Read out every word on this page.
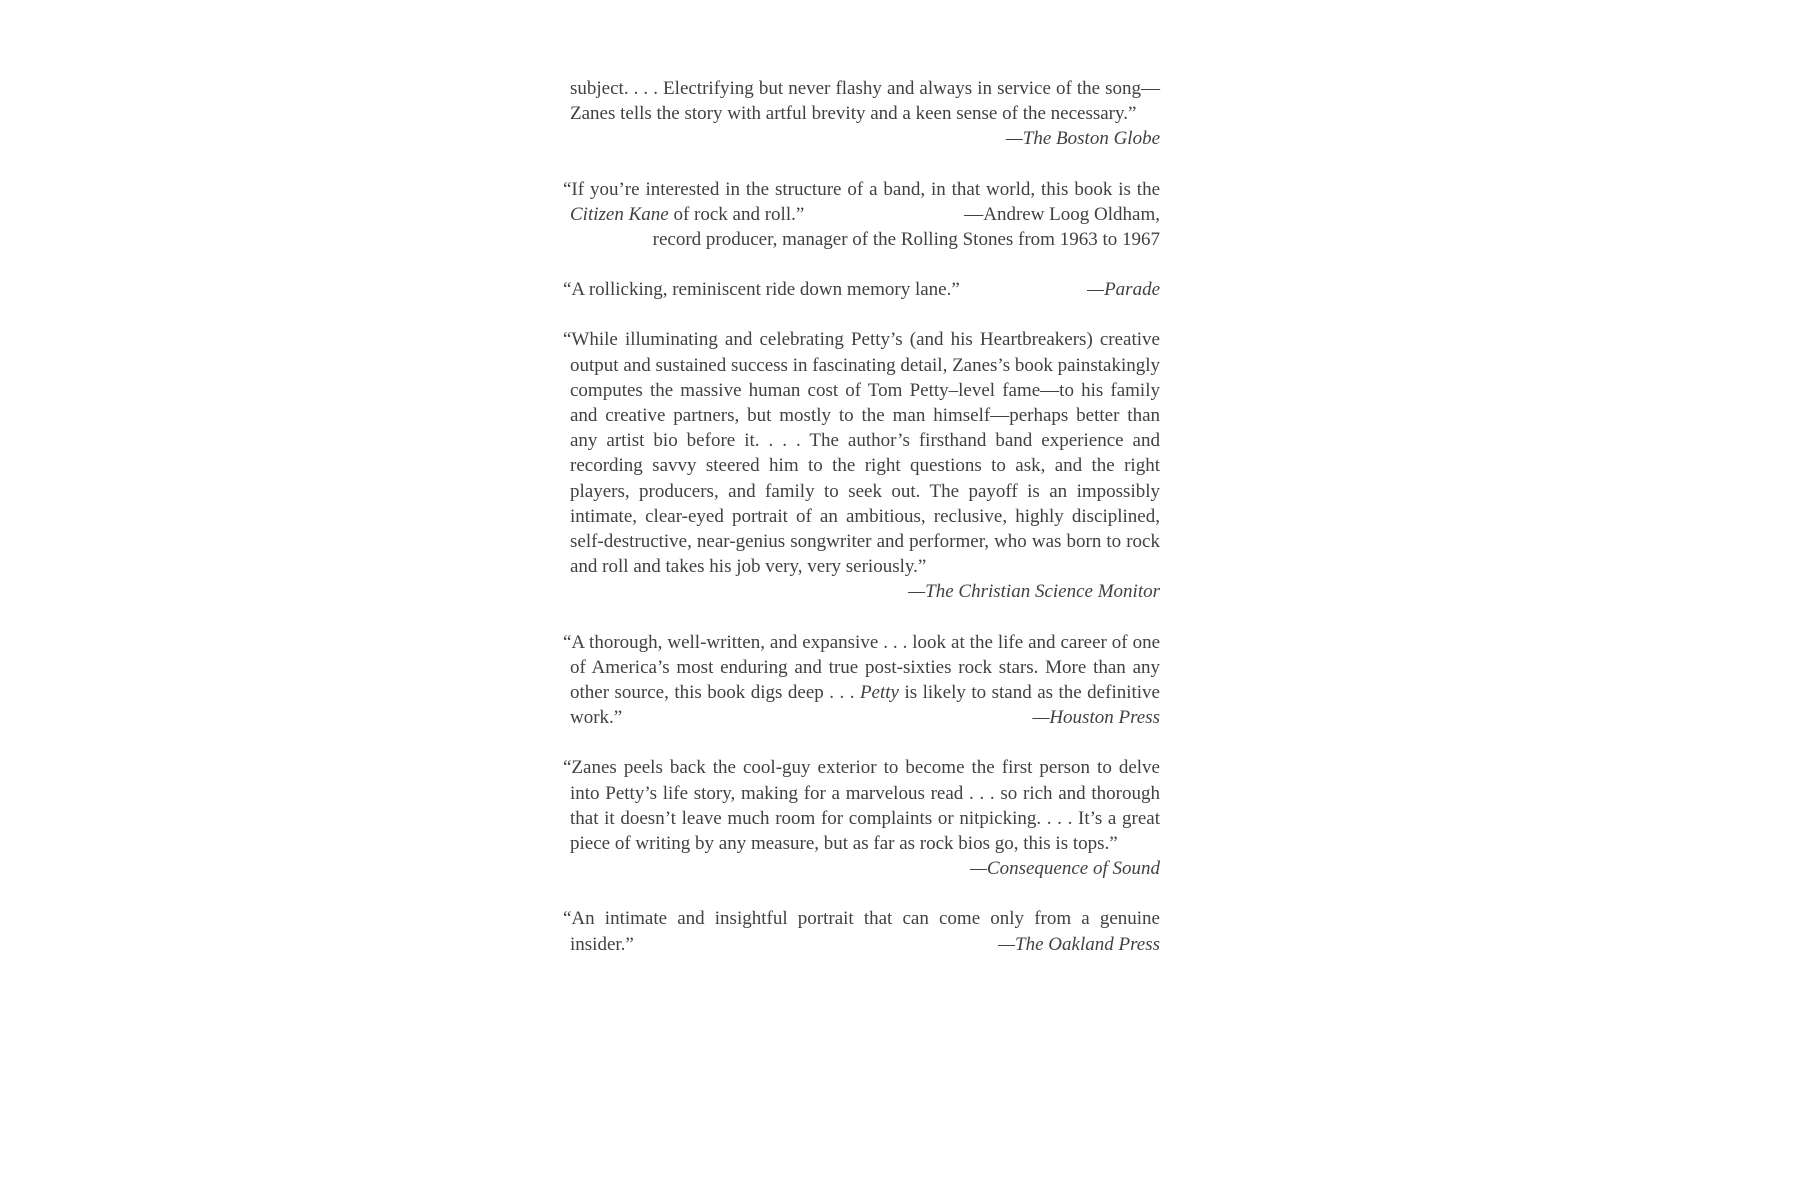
subject. . . . Electrifying but never flashy and always in service of the song—Zanes tells the story with artful brevity and a keen sense of the necessary.”
—The Boston Globe

“If you’re interested in the structure of a band, in that world, this book is the Citizen Kane of rock and roll.”	—Andrew Loog Oldham,

record producer, manager of the Rolling Stones from 1963 to 1967

“A rollicking, reminiscent ride down memory lane.”	—Parade

“While illuminating and celebrating Petty’s (and his Heartbreakers) creative output and sustained success in fascinating detail, Zanes’s book painstakingly computes the massive human cost of Tom Petty–level fame—to his family and creative partners, but mostly to the man himself—perhaps better than any artist bio before it. . . . The author’s firsthand band experience and recording savvy steered him to the right questions to ask, and the right players, producers, and family to seek out. The payoff is an impossibly intimate, clear-eyed portrait of an ambitious, reclusive, highly disciplined, self-destructive, near-genius songwriter and performer, who was born to rock and roll and takes his job very, very seriously.”

—The Christian Science Monitor

“A thorough, well-written, and expansive . . . look at the life and career of one of America’s most enduring and true post-sixties rock stars. More than any other source, this book digs deep . . . Petty is likely to stand as the definitive work.”	—Houston Press

“Zanes peels back the cool-guy exterior to become the first person to delve into Petty’s life story, making for a marvelous read . . . so rich and thorough that it doesn’t leave much room for complaints or nitpicking. . . . It’s a great piece of writing by any measure, but as far as rock bios go, this is tops.”
—Consequence of Sound

“An intimate and insightful portrait that can come only from a genuine insider.”	—The Oakland Press
